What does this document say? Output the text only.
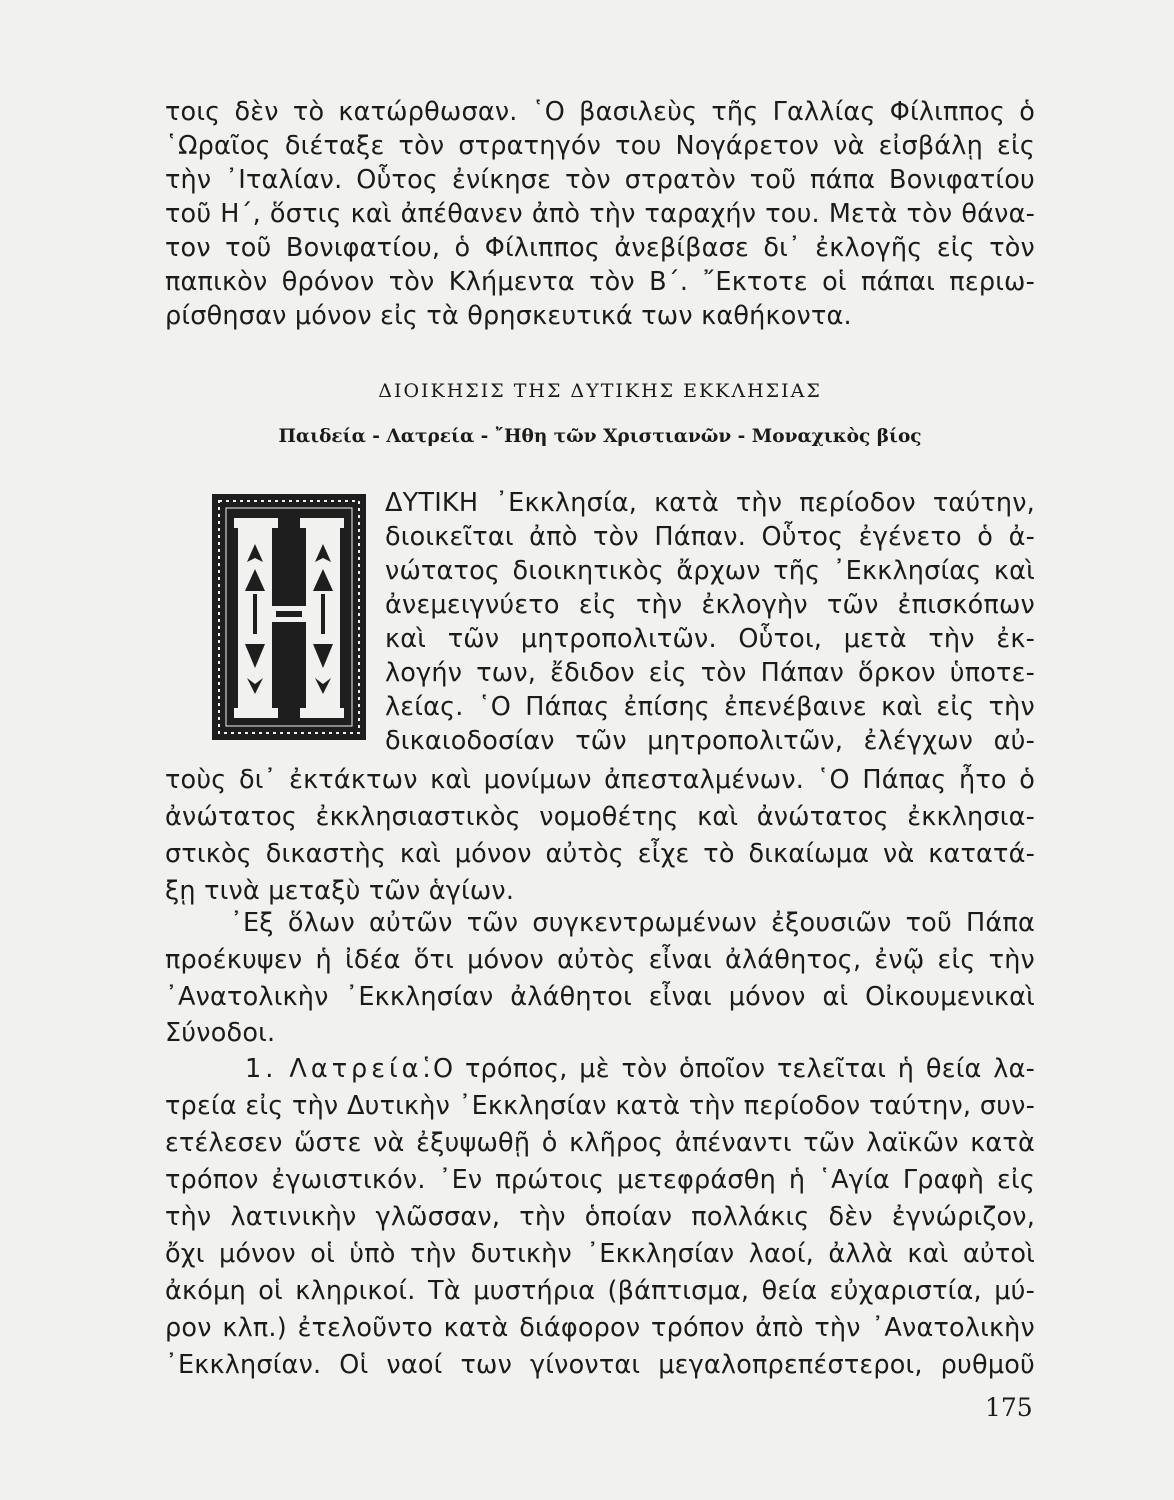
τοις δὲν τὸ κατώρθωσαν. ῾Ο βασιλεὺς τῆς Γαλλίας Φίλιππος ὁ
῾Ωραῖος διέταξε τὸν στρατηγόν του Νογάρετον νὰ εἰσβάλῃ εἰς
τὴν ᾿Ιταλίαν. Οὗτος ἐνίκησε τὸν στρατὸν τοῦ πάπα Βονιφατίου
τοῦ Η΄, ὅστις καὶ ἀπέθανεν ἀπὸ τὴν ταραχήν του. Μετὰ τὸν θάνα-
τον τοῦ Βονιφατίου, ὁ Φίλιππος ἀνεβίβασε δι᾿ ἐκλογῆς εἰς τὸν
παπικὸν θρόνον τὸν Κλήμεντα τὸν Β΄. ῎Εκτοτε οἱ πάπαι περιω-
ρίσθησαν μόνον εἰς τὰ θρησκευτικά των καθήκοντα.
ΔΙΟΙΚΗΣΙΣ ΤΗΣ ΔΥΤΙΚΗΣ ΕΚΚΛΗΣΙΑΣ
Παιδεία - Λατρεία - ῎Ηθη τῶν Χριστιανῶν - Μοναχικὸς βίος
Η
ΔΥΤΙΚΗ ᾿Εκκλησία, κατὰ τὴν περίοδον ταύτην,
διοικεῖται ἀπὸ τὸν Πάπαν. Οὗτος ἐγένετο ὁ ἀ-
νώτατος διοικητικὸς ἄρχων τῆς ᾿Εκκλησίας καὶ
ἀνεμειγνύετο εἰς τὴν ἐκλογὴν τῶν ἐπισκόπων
καὶ τῶν μητροπολιτῶν. Οὗτοι, μετὰ τὴν ἐκ-
λογήν των, ἔδιδον εἰς τὸν Πάπαν ὅρκον ὑποτε-
λείας. ῾Ο Πάπας ἐπίσης ἐπενέβαινε καὶ εἰς τὴν
δικαιοδοσίαν τῶν μητροπολιτῶν, ἐλέγχων αὐ-
τοὺς δι᾿ ἐκτάκτων καὶ μονίμων ἀπεσταλμένων. ῾Ο Πάπας ἦτο ὁ
ἀνώτατος ἐκκλησιαστικὸς νομοθέτης καὶ ἀνώτατος ἐκκλησια-
στικὸς δικαστὴς καὶ μόνον αὐτὸς εἶχε τὸ δικαίωμα νὰ κατατά-
ξῃ τινὰ μεταξὺ τῶν ἁγίων.
᾿Εξ ὅλων αὐτῶν τῶν συγκεντρωμένων ἐξουσιῶν τοῦ Πάπα
προέκυψεν ἡ ἰδέα ὅτι μόνον αὐτὸς εἶναι ἀλάθητος, ἐνῷ εἰς τὴν
᾿Ανατολικὴν ᾿Εκκλησίαν ἀλάθητοι εἶναι μόνον αἱ Οἰκουμενικαὶ
Σύνοδοι.
1. Λατρεία.
῾Ο τρόπος, μὲ τὸν ὁποῖον τελεῖται ἡ θεία λα-
τρεία εἰς τὴν Δυτικὴν ᾿Εκκλησίαν κατὰ τὴν περίοδον ταύτην, συν-
ετέλεσεν ὥστε νὰ ἐξυψωθῇ ὁ κλῆρος ἀπέναντι τῶν λαϊκῶν κατὰ
τρόπον ἐγωιστικόν. ᾿Εν πρώτοις μετεφράσθη ἡ ῾Αγία Γραφὴ εἰς
τὴν λατινικὴν γλῶσσαν, τὴν ὁποίαν πολλάκις δὲν ἐγνώριζον,
ὄχι μόνον οἱ ὑπὸ τὴν δυτικὴν ᾿Εκκλησίαν λαοί, ἀλλὰ καὶ αὐτοὶ
ἀκόμη οἱ κληρικοί. Τὰ μυστήρια (βάπτισμα, θεία εὐχαριστία, μύ-
ρον κλπ.) ἐτελοῦντο κατὰ διάφορον τρόπον ἀπὸ τὴν ᾿Ανατολικὴν
᾿Εκκλησίαν. Οἱ ναοί των γίνονται μεγαλοπρεπέστεροι, ρυθμοῦ
175
